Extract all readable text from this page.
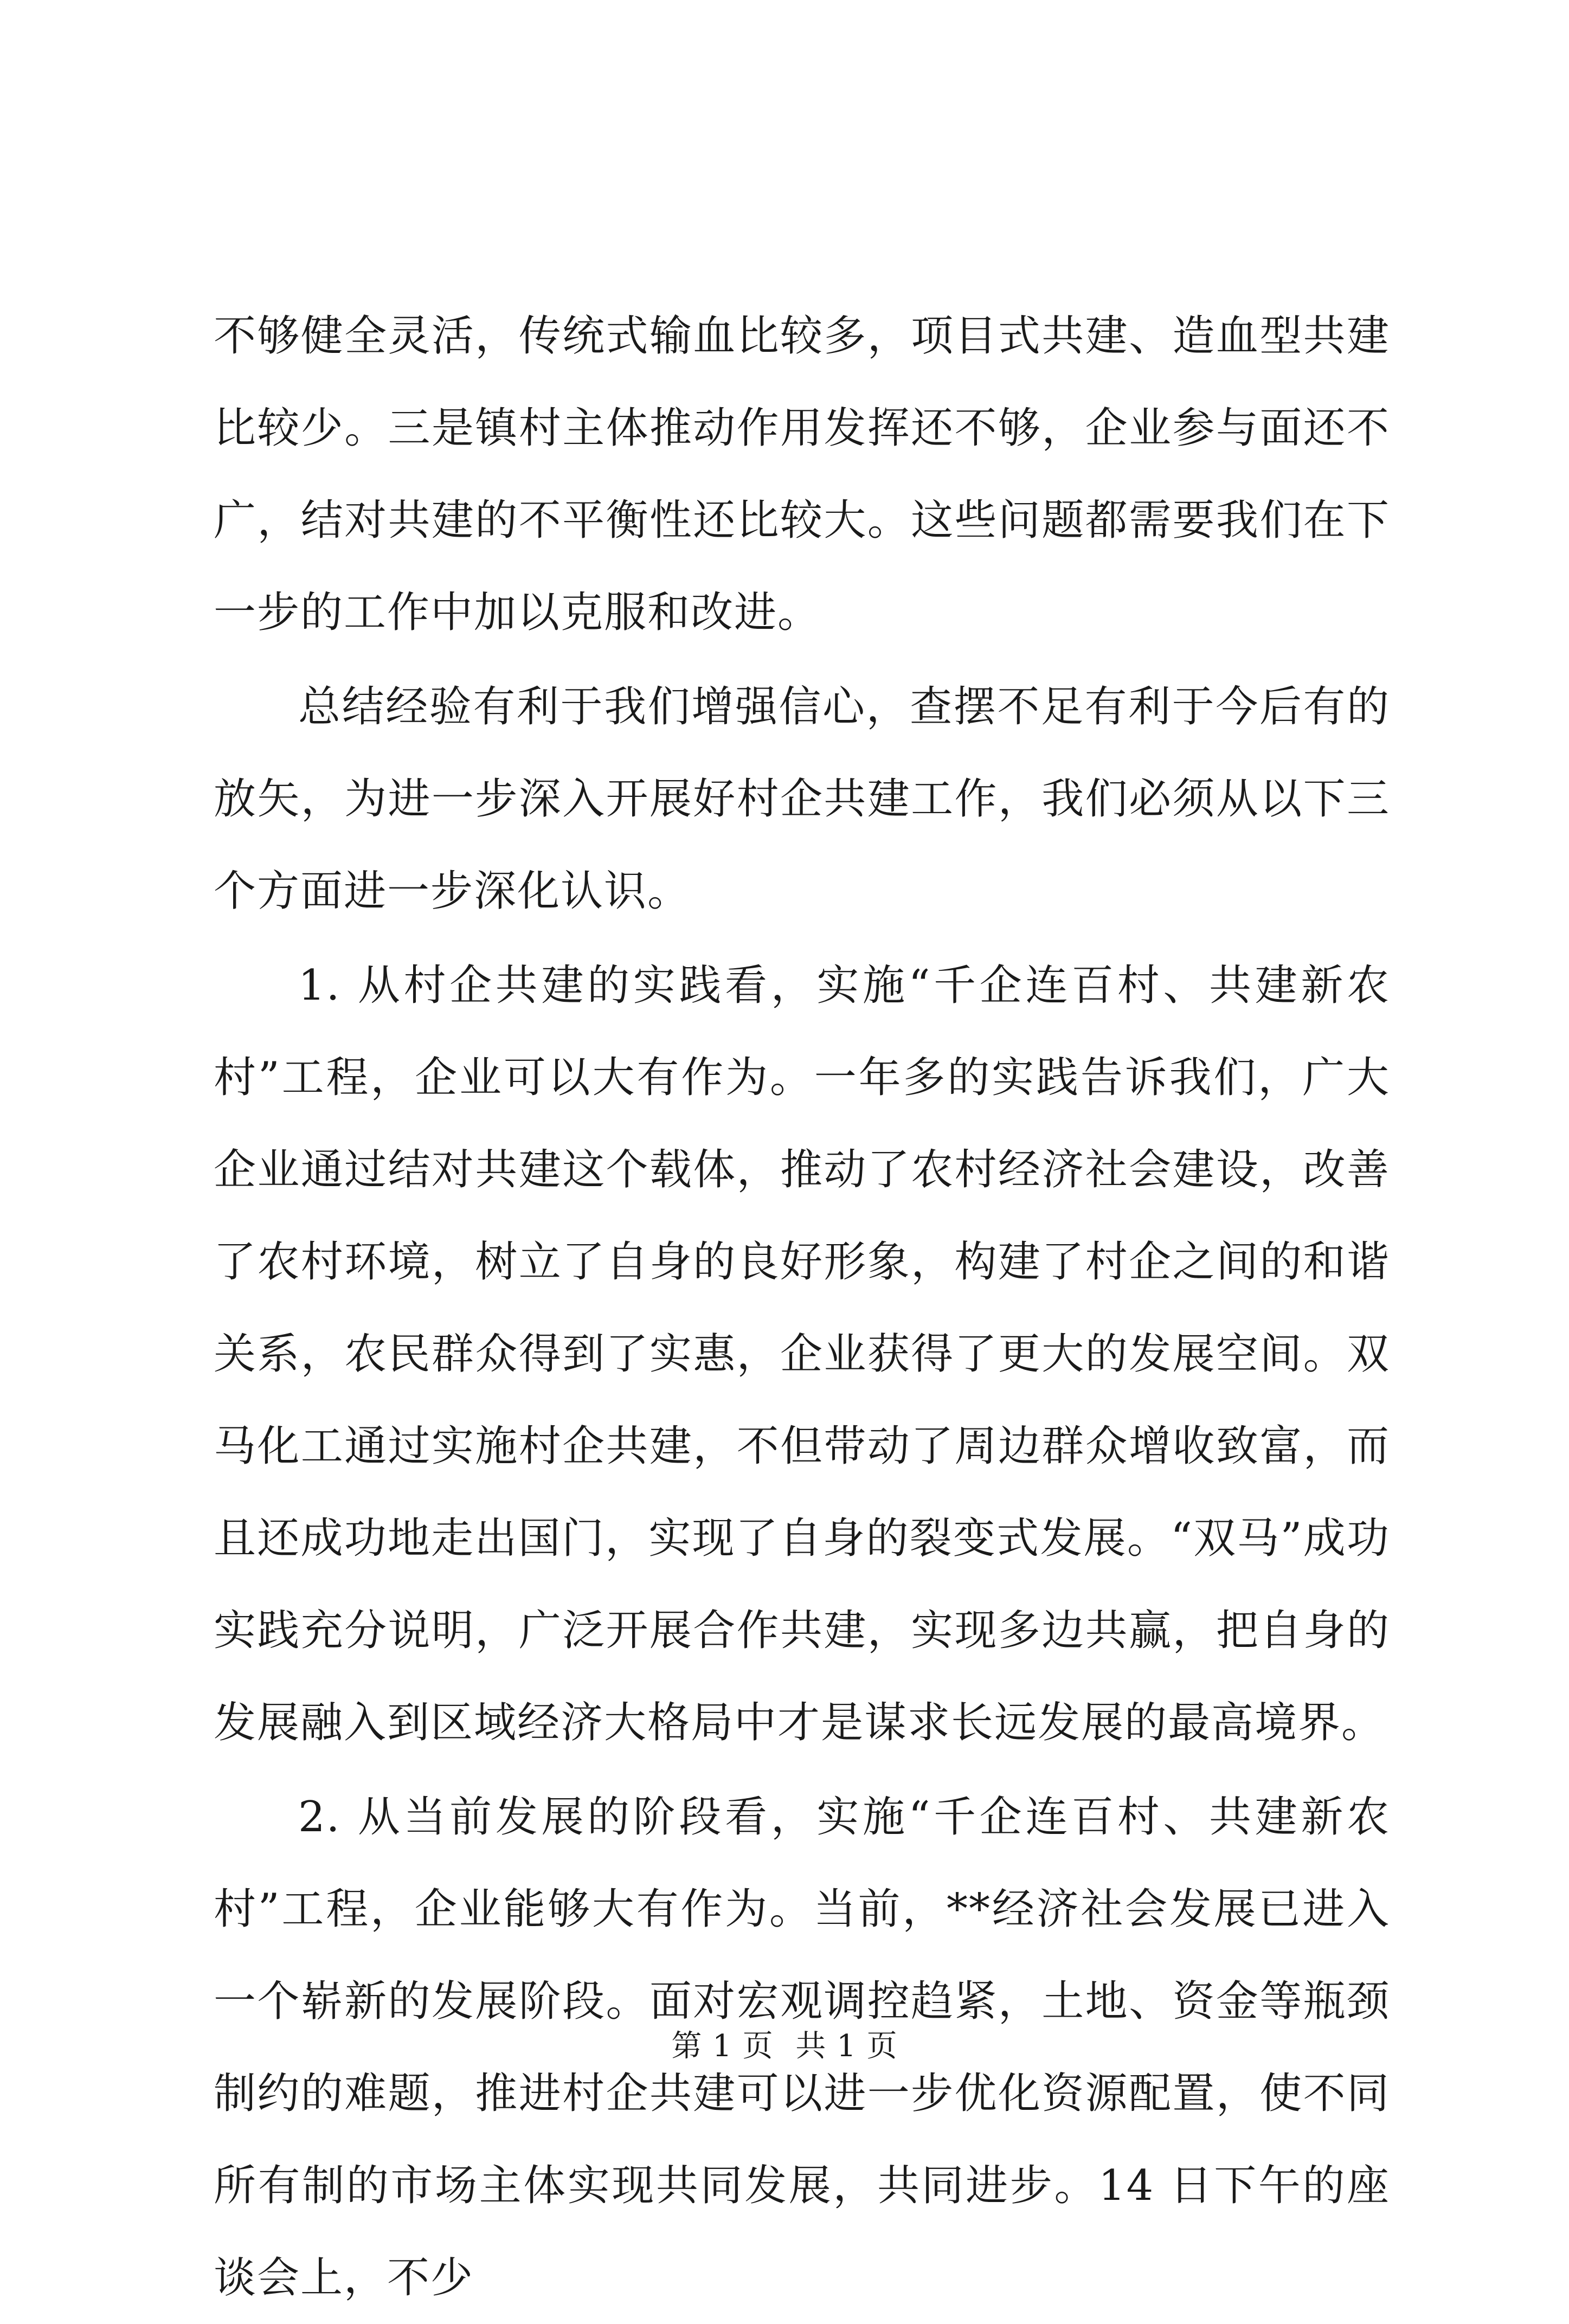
不够健全灵活，传统式输血比较多，项目式共建、造血型共建比较少。三是镇村主体推动作用发挥还不够，企业参与面还不广，结对共建的不平衡性还比较大。这些问题都需要我们在下一步的工作中加以克服和改进。

总结经验有利于我们增强信心，查摆不足有利于今后有的放矢，为进一步深入开展好村企共建工作，我们必须从以下三个方面进一步深化认识。

1. 从村企共建的实践看，实施“千企连百村、共建新农村”工程，企业可以大有作为。一年多的实践告诉我们，广大企业通过结对共建这个载体，推动了农村经济社会建设，改善了农村环境，树立了自身的良好形象，构建了村企之间的和谐关系，农民群众得到了实惠，企业获得了更大的发展空间。双马化工通过实施村企共建，不但带动了周边群众增收致富，而且还成功地走出国门，实现了自身的裂变式发展。“双马”成功实践充分说明，广泛开展合作共建，实现多边共赢，把自身的发展融入到区域经济大格局中才是谋求长远发展的最高境界。

2. 从当前发展的阶段看，实施“千企连百村、共建新农村”工程，企业能够大有作为。当前，**经济社会发展已进入一个崭新的发展阶段。面对宏观调控趋紧，土地、资金等瓶颈制约的难题，推进村企共建可以进一步优化资源配置，使不同所有制的市场主体实现共同发展，共同进步。14 日下午的座谈会上，不少

第 1 页 共 1 页
